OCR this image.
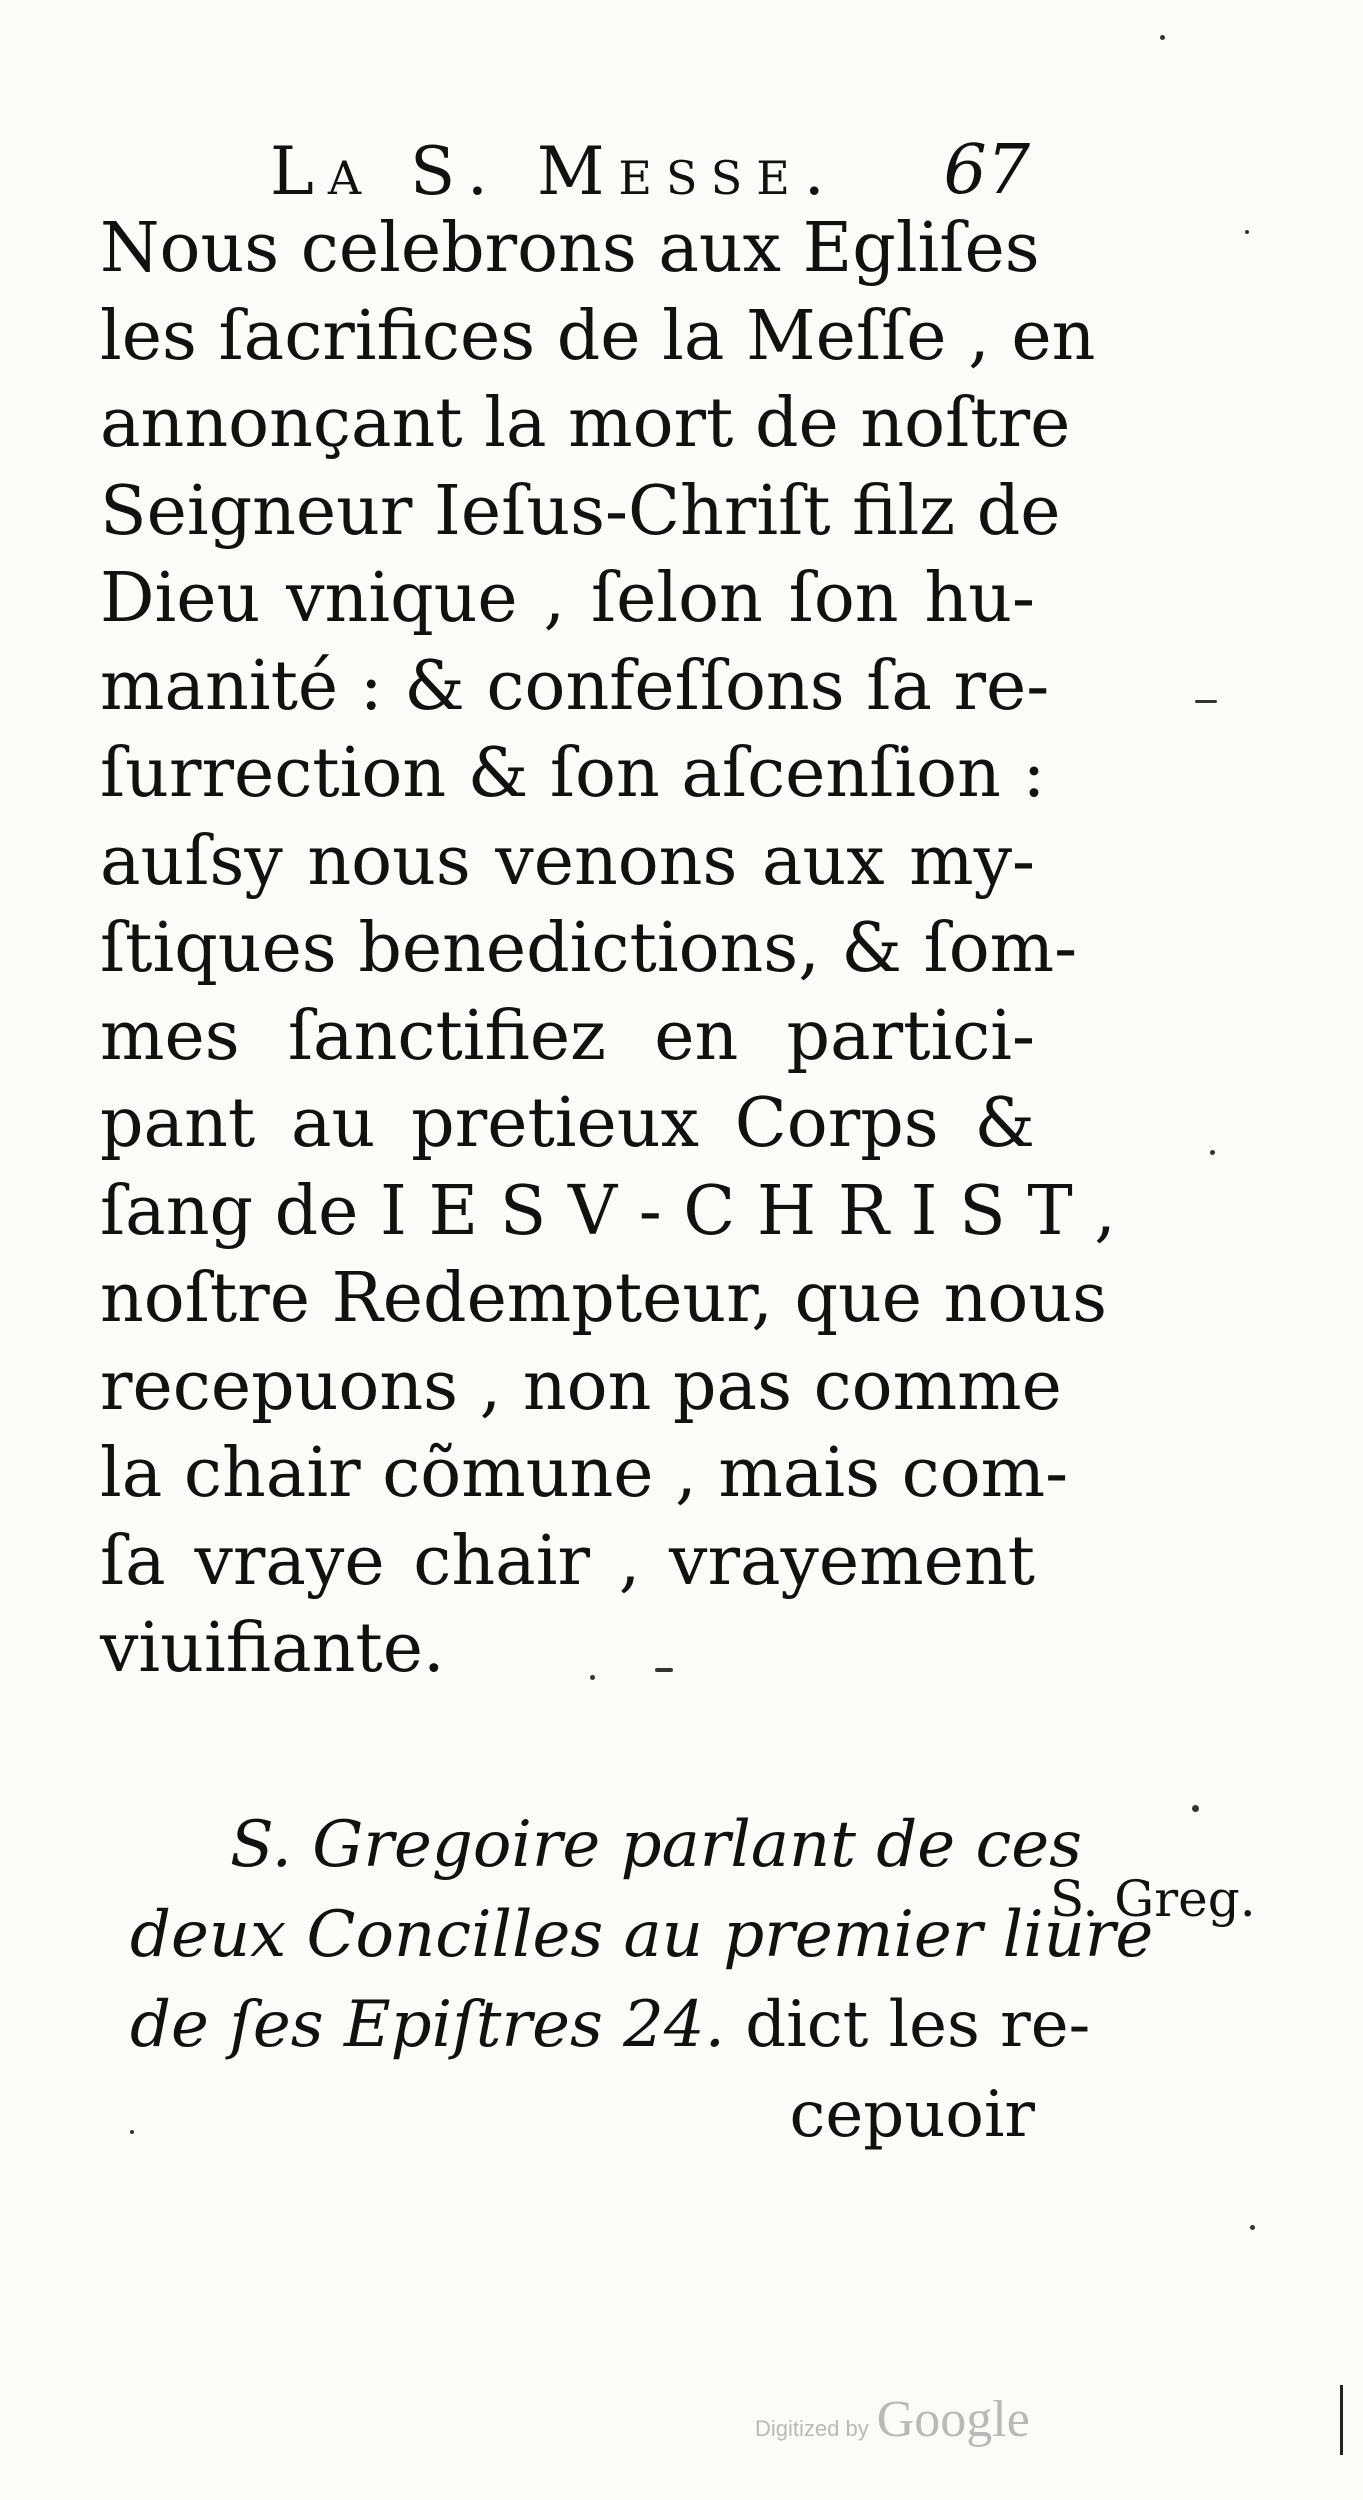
La S. Messe. 67
Nous celebrons aux Egliſes
les ſacrifices de la Meſſe , en
annonçant la mort de noſtre
Seigneur Ieſus-Chriſt filz de
Dieu vnique , ſelon ſon hu-
manité : & confeſſons ſa re-
ſurrection & ſon aſcenſion :
auſsy nous venons aux my-
ſtiques benedictions, & ſom-
mes ſanctifiez en partici-
pant au pretieux Corps &
ſang de I E S V - C H R I S T ,
noſtre Redempteur, que nous
recepuons , non pas comme
la chair cõmune , mais com-
ſa vraye chair , vrayement
viuifiante.
S. Gregoire parlant de ces
deux Concilles au premier liure
de ſes Epiſtres 24. dict les re-
cepuoir
S. Greg.
Digitized by Google
